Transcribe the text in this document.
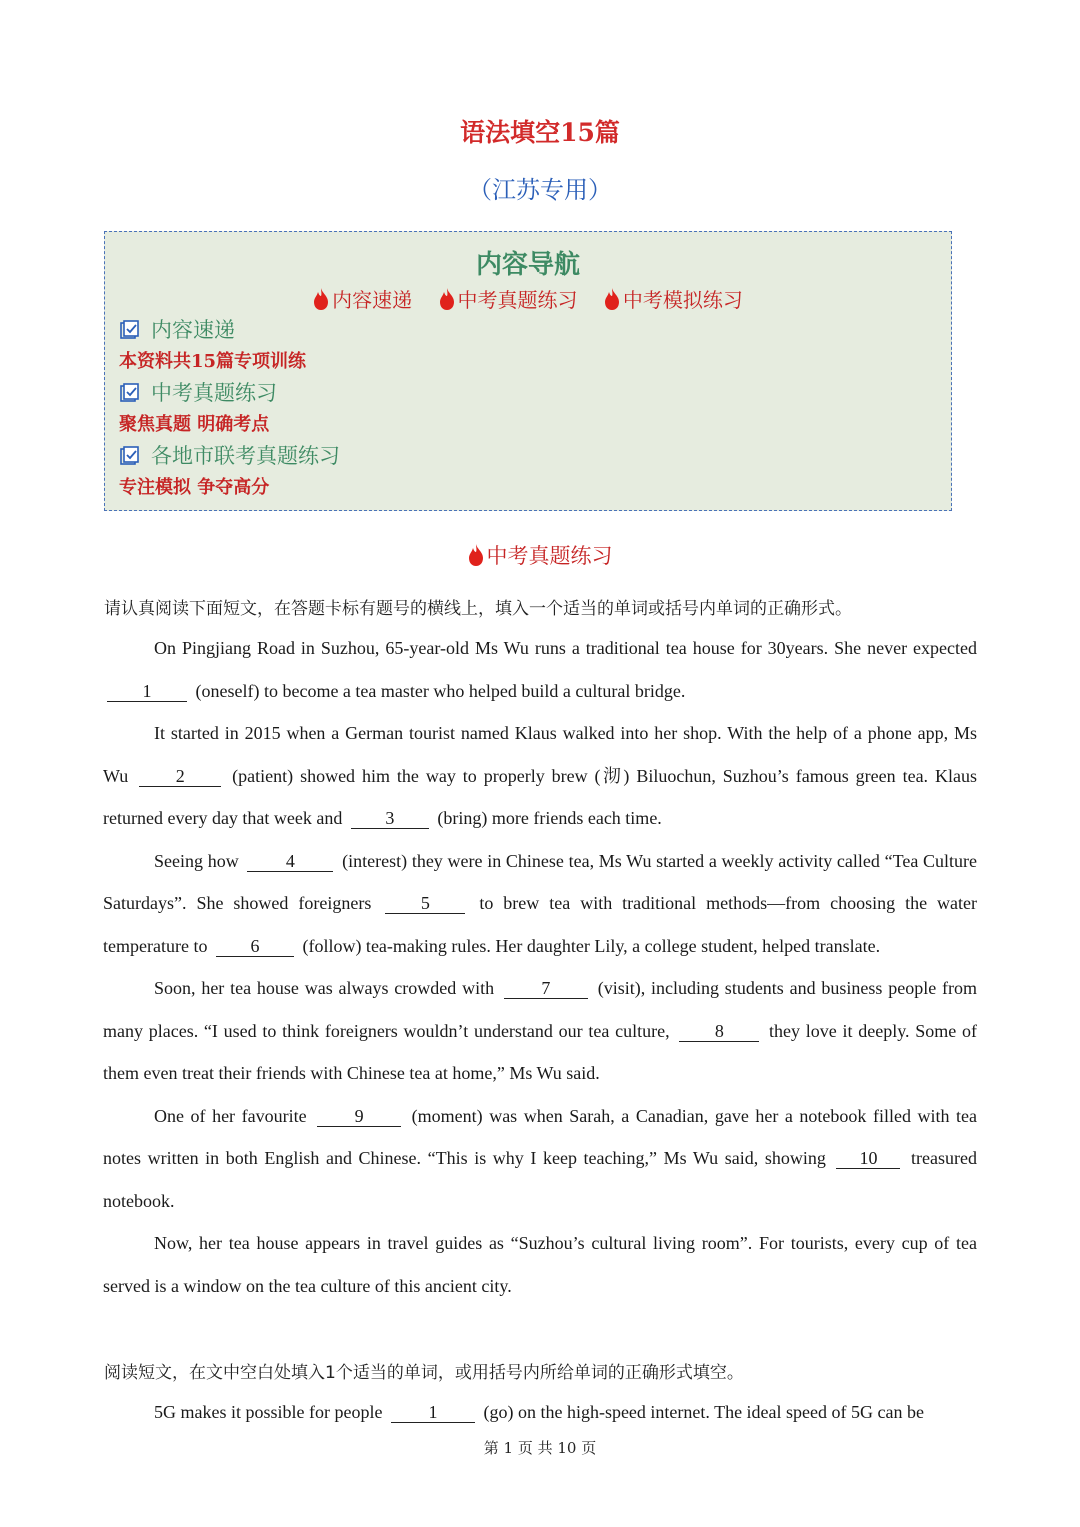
语法填空15篇
（江苏专用）
内容导航
内容速递 中考真题练习 中考模拟练习
内容速递
本资料共15篇专项训练
中考真题练习
聚焦真题 明确考点
各地市联考真题练习
专注模拟 争夺高分
中考真题练习
请认真阅读下面短文，在答题卡标有题号的横线上，填入一个适当的单词或括号内单词的正确形式。

On Pingjiang Road in Suzhou, 65-year-old Ms Wu runs a traditional tea house for 30years. She never expected 1 (oneself) to become a tea master who helped build a cultural bridge.

It started in 2015 when a German tourist named Klaus walked into her shop. With the help of a phone app, Ms Wu	2	(patient) showed him the way to properly brew (沏) Biluochun, Suzhou’s famous green tea. Klaus returned every day that week and 3 (bring) more friends each time.

Seeing how	4	(interest) they were in Chinese tea, Ms Wu started a weekly activity called “Tea Culture Saturdays”. She showed foreigners	5	to brew tea with traditional methods—from choosing the water temperature to 6 (follow) tea-making rules. Her daughter Lily, a college student, helped translate.

Soon, her tea house was always crowded with	7	(visit), including students and business people from many places. “I used to think foreigners wouldn’t understand our tea culture,	8	they love it deeply. Some of them even treat their friends with Chinese tea at home,” Ms Wu said.

One of her favourite	9	(moment) was when Sarah, a Canadian, gave her a notebook filled with tea notes written in both English and Chinese. “This is why I keep teaching,” Ms Wu said, showing 10 treasured notebook.

Now, her tea house appears in travel guides as “Suzhou’s cultural living room”. For tourists, every cup of tea served is a window on the tea culture of this ancient city.

阅读短文，在文中空白处填入1个适当的单词，或用括号内所给单词的正确形式填空。

5G makes it possible for people	1	(go) on the high-speed internet. The ideal speed of 5G can be

第 1 页 共 10 页
